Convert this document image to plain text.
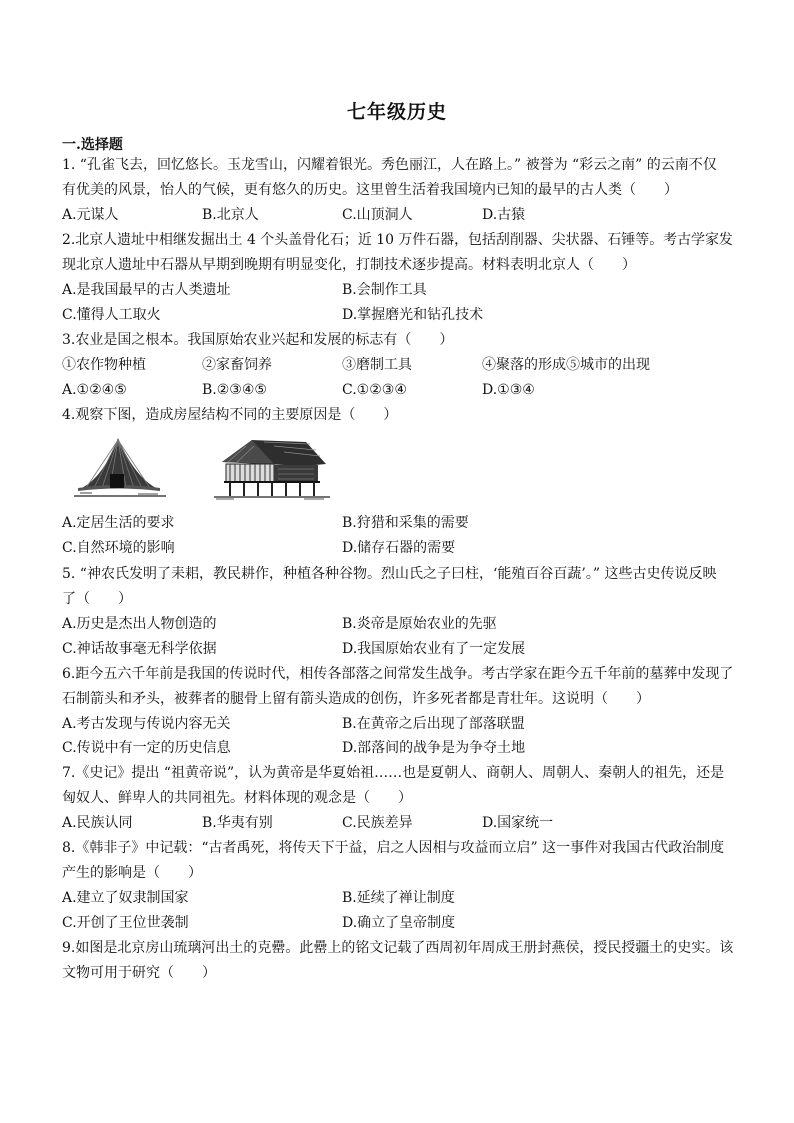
七年级历史
一.选择题
1. “孔雀飞去，回忆悠长。玉龙雪山，闪耀着银光。秀色丽江，人在路上。” 被誉为 “彩云之南” 的云南不仅
有优美的风景，怡人的气候，更有悠久的历史。这里曾生活着我国境内已知的最早的古人类（　　）
A.元谋人	B.北京人	C.山顶洞人	D.古猿
2.北京人遗址中相继发掘出土 4 个头盖骨化石；近 10 万件石器，包括刮削器、尖状器、石锤等。考古学家发
现北京人遗址中石器从早期到晚期有明显变化，打制技术逐步提高。材料表明北京人（　　）
A.是我国最早的古人类遗址	B.会制作工具
C.懂得人工取火	D.掌握磨光和钻孔技术
3.农业是国之根本。我国原始农业兴起和发展的标志有（　　）
①农作物种植	②家畜饲养	③磨制工具	④聚落的形成⑤城市的出现
A.①②④⑤	B.②③④⑤	C.①②③④	D.①③④
4.观察下图，造成房屋结构不同的主要原因是（　　）
A.定居生活的要求	B.狩猎和采集的需要
C.自然环境的影响	D.储存石器的需要
5. “神农氏发明了耒耜，教民耕作，种植各种谷物。烈山氏之子曰柱，‘能殖百谷百蔬’。” 这些古史传说反映
了（　　）
A.历史是杰出人物创造的	B.炎帝是原始农业的先驱
C.神话故事毫无科学依据	D.我国原始农业有了一定发展
6.距今五六千年前是我国的传说时代，相传各部落之间常发生战争。考古学家在距今五千年前的墓葬中发现了
石制箭头和矛头，被葬者的腿骨上留有箭头造成的创伤，许多死者都是青壮年。这说明（　　）
A.考古发现与传说内容无关	B.在黄帝之后出现了部落联盟
C.传说中有一定的历史信息	D.部落间的战争是为争夺土地
7.《史记》提出 “祖黄帝说”，认为黄帝是华夏始祖……也是夏朝人、商朝人、周朝人、秦朝人的祖先，还是
匈奴人、鲜卑人的共同祖先。材料体现的观念是（　　）
A.民族认同	B.华夷有别	C.民族差异	D.国家统一
8.《韩非子》中记载：“古者禹死，将传天下于益，启之人因相与攻益而立启” 这一事件对我国古代政治制度
产生的影响是（　　）
A.建立了奴隶制国家	B.延续了禅让制度
C.开创了王位世袭制	D.确立了皇帝制度
9.如图是北京房山琉璃河出土的克罍。此罍上的铭文记载了西周初年周成王册封燕侯，授民授疆土的史实。该
文物可用于研究（　　）
